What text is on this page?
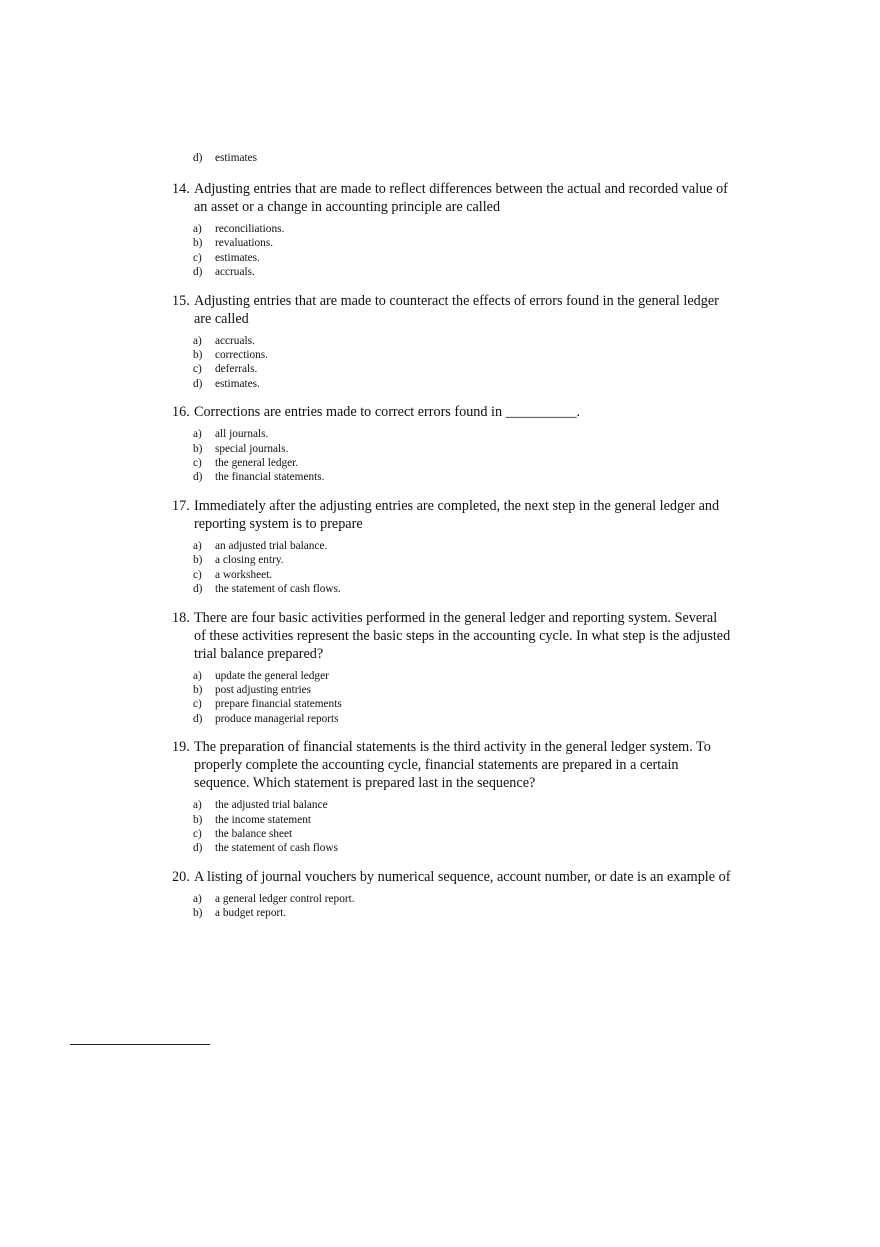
d)	estimates
14. Adjusting entries that are made to reflect differences between the actual and recorded value of an asset or a change in accounting principle are called
a)	reconciliations.
b)	revaluations.
c)	estimates.
d)	accruals.
15. Adjusting entries that are made to counteract the effects of errors found in the general ledger are called
a)	accruals.
b)	corrections.
c)	deferrals.
d)	estimates.
16. Corrections are entries made to correct errors found in __________.
a)	all journals.
b)	special journals.
c)	the general ledger.
d)	the financial statements.
17. Immediately after the adjusting entries are completed, the next step in the general ledger and reporting system is to prepare
a)	an adjusted trial balance.
b)	a closing entry.
c)	a worksheet.
d)	the statement of cash flows.
18. There are four basic activities performed in the general ledger and reporting system. Several of these activities represent the basic steps in the accounting cycle. In what step is the adjusted trial balance prepared?
a)	update the general ledger
b)	post adjusting entries
c)	prepare financial statements
d)	produce managerial reports
19. The preparation of financial statements is the third activity in the general ledger system. To properly complete the accounting cycle, financial statements are prepared in a certain sequence. Which statement is prepared last in the sequence?
a)	the adjusted trial balance
b)	the income statement
c)	the balance sheet
d)	the statement of cash flows
20. A listing of journal vouchers by numerical sequence, account number, or date is an example of
a)	a general ledger control report.
b)	a budget report.
.
